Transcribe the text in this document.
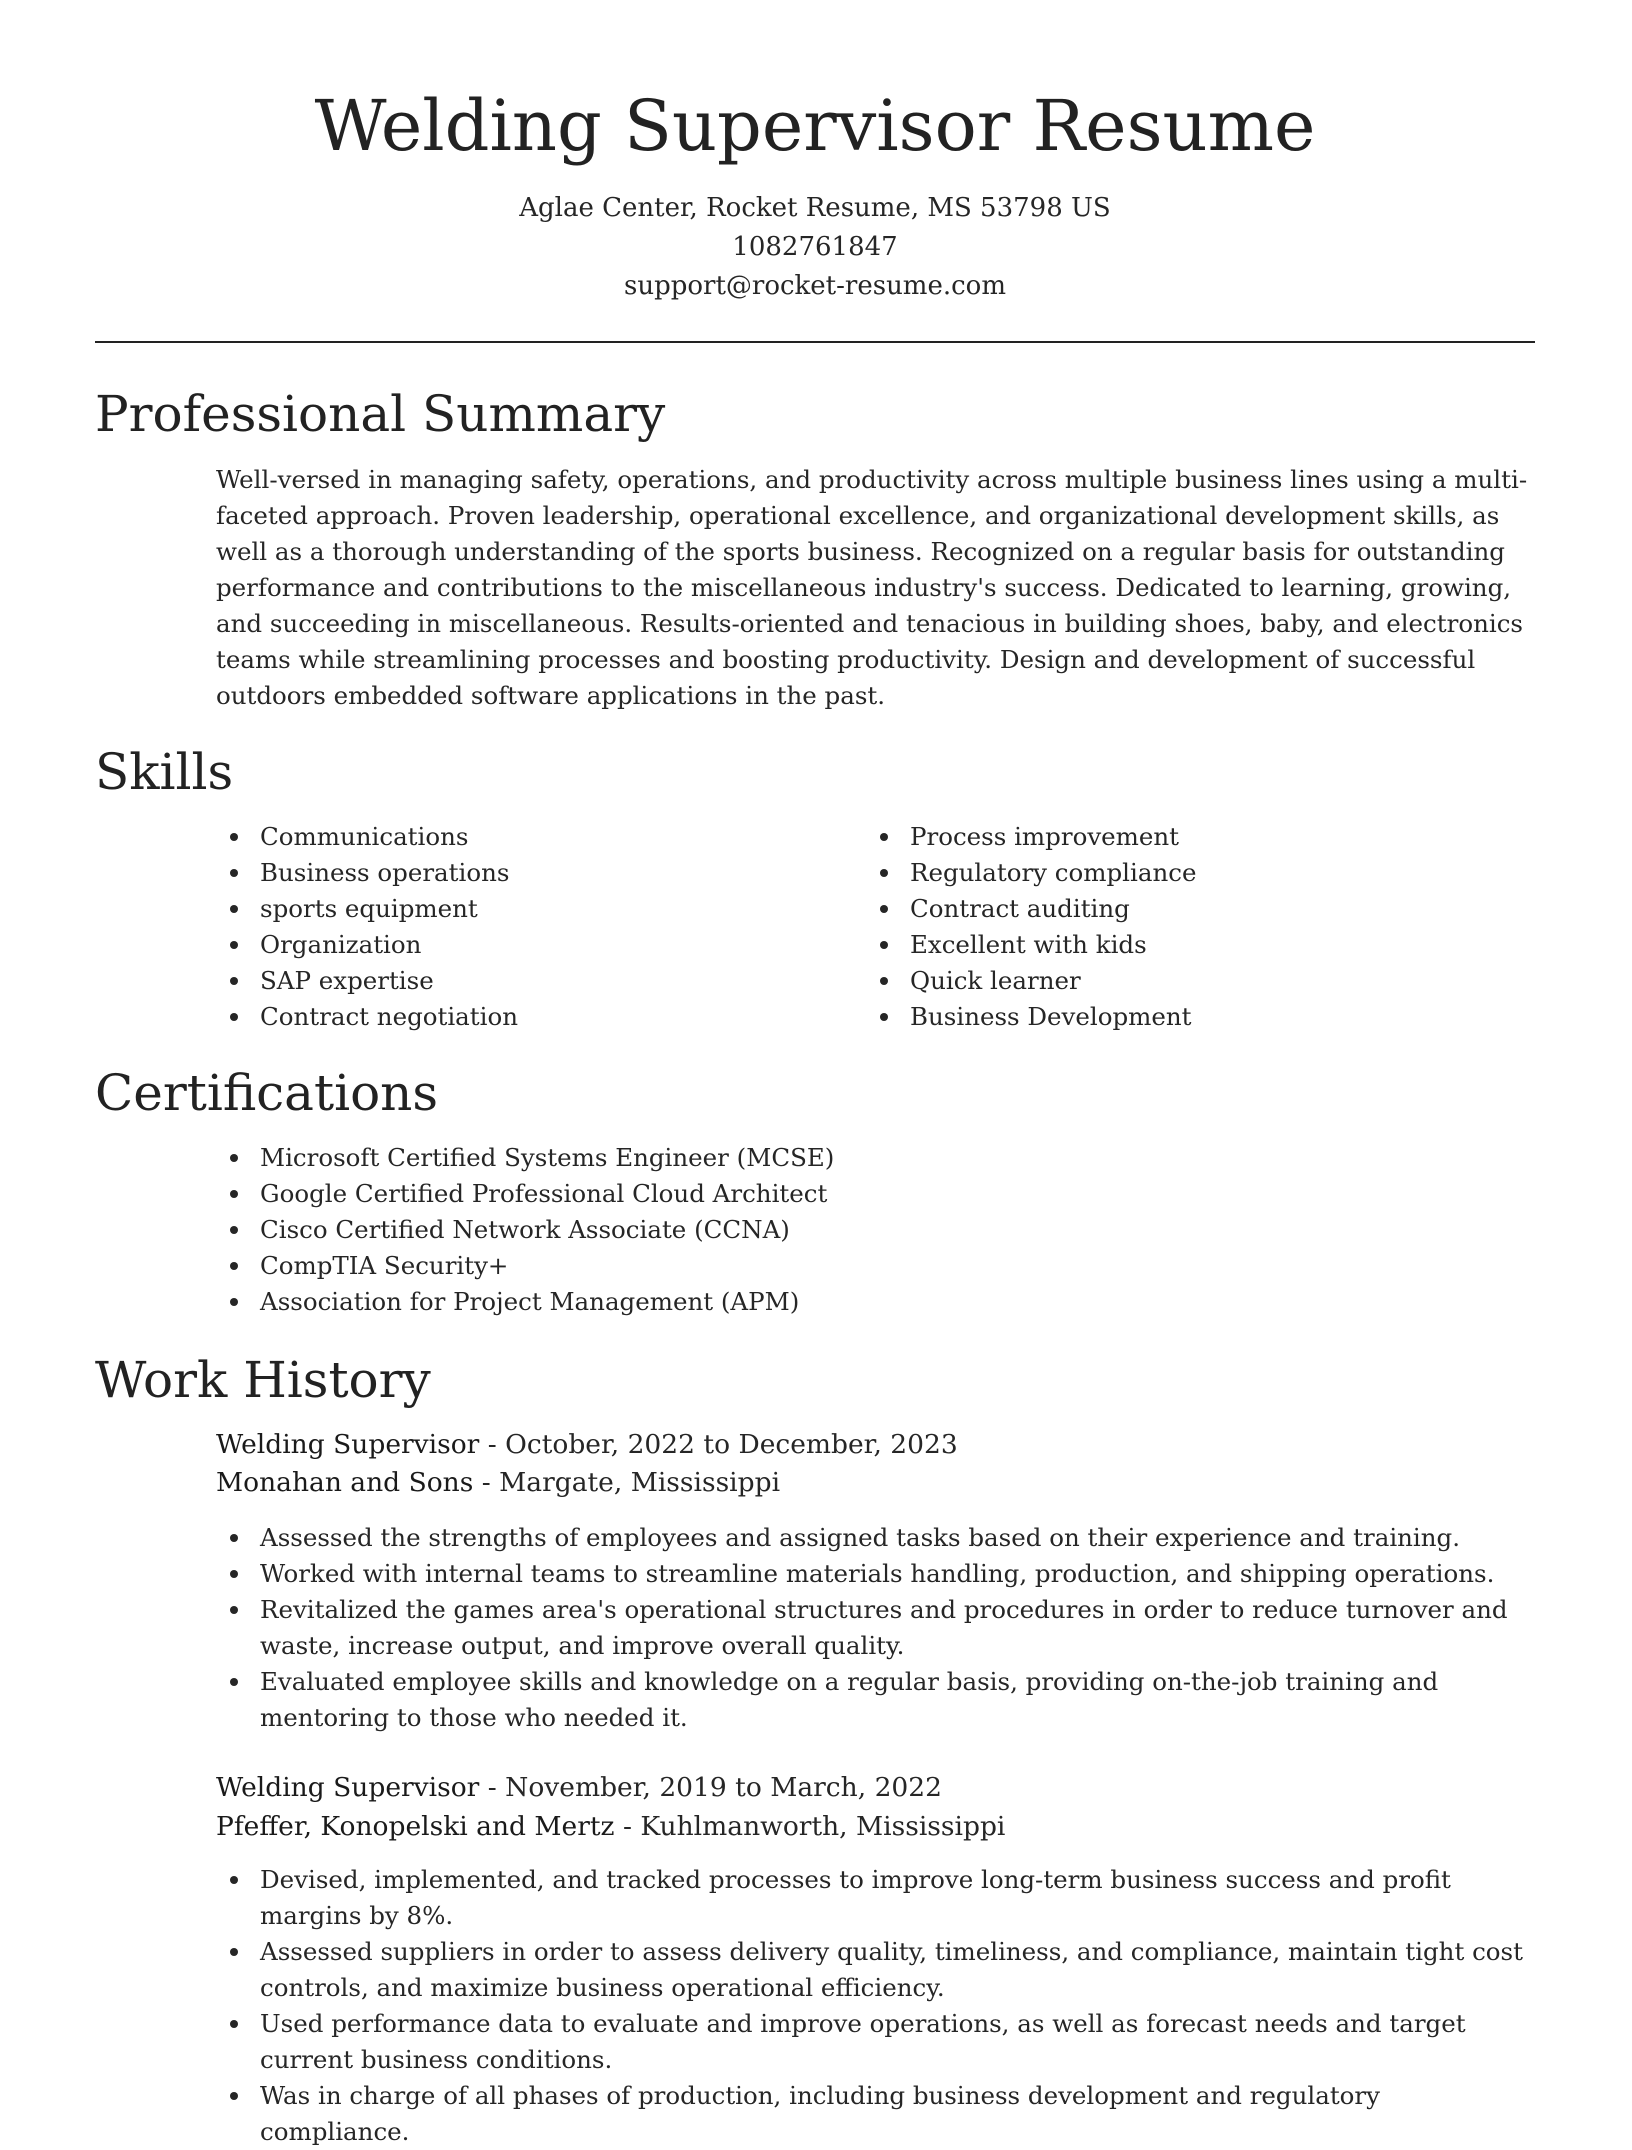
Welding Supervisor Resume
Aglae Center, Rocket Resume, MS 53798 US
1082761847
support@rocket-resume.com
Professional Summary

Well-versed in managing safety, operations, and productivity across multiple business lines using a multi-faceted approach. Proven leadership, operational excellence, and organizational development skills, as well as a thorough understanding of the sports business. Recognized on a regular basis for outstanding performance and contributions to the miscellaneous industry's success. Dedicated to learning, growing, and succeeding in miscellaneous. Results-oriented and tenacious in building shoes, baby, and electronics teams while streamlining processes and boosting productivity. Design and development of successful outdoors embedded software applications in the past.

Skills
Communications
Business operations
sports equipment
Organization
SAP expertise
Contract negotiation
Process improvement
Regulatory compliance
Contract auditing
Excellent with kids
Quick learner
Business Development
Certifications
Microsoft Certified Systems Engineer (MCSE)
Google Certified Professional Cloud Architect
Cisco Certified Network Associate (CCNA)
CompTIA Security+
Association for Project Management (APM)
Work History
Welding Supervisor - October, 2022 to December, 2023
Monahan and Sons - Margate, Mississippi
Assessed the strengths of employees and assigned tasks based on their experience and training.
Worked with internal teams to streamline materials handling, production, and shipping operations.
Revitalized the games area's operational structures and procedures in order to reduce turnover and waste, increase output, and improve overall quality.
Evaluated employee skills and knowledge on a regular basis, providing on-the-job training and mentoring to those who needed it.
Welding Supervisor - November, 2019 to March, 2022
Pfeffer, Konopelski and Mertz - Kuhlmanworth, Mississippi
Devised, implemented, and tracked processes to improve long-term business success and profit margins by 8%.
Assessed suppliers in order to assess delivery quality, timeliness, and compliance, maintain tight cost controls, and maximize business operational efficiency.
Used performance data to evaluate and improve operations, as well as forecast needs and target current business conditions.
Was in charge of all phases of production, including business development and regulatory compliance.
